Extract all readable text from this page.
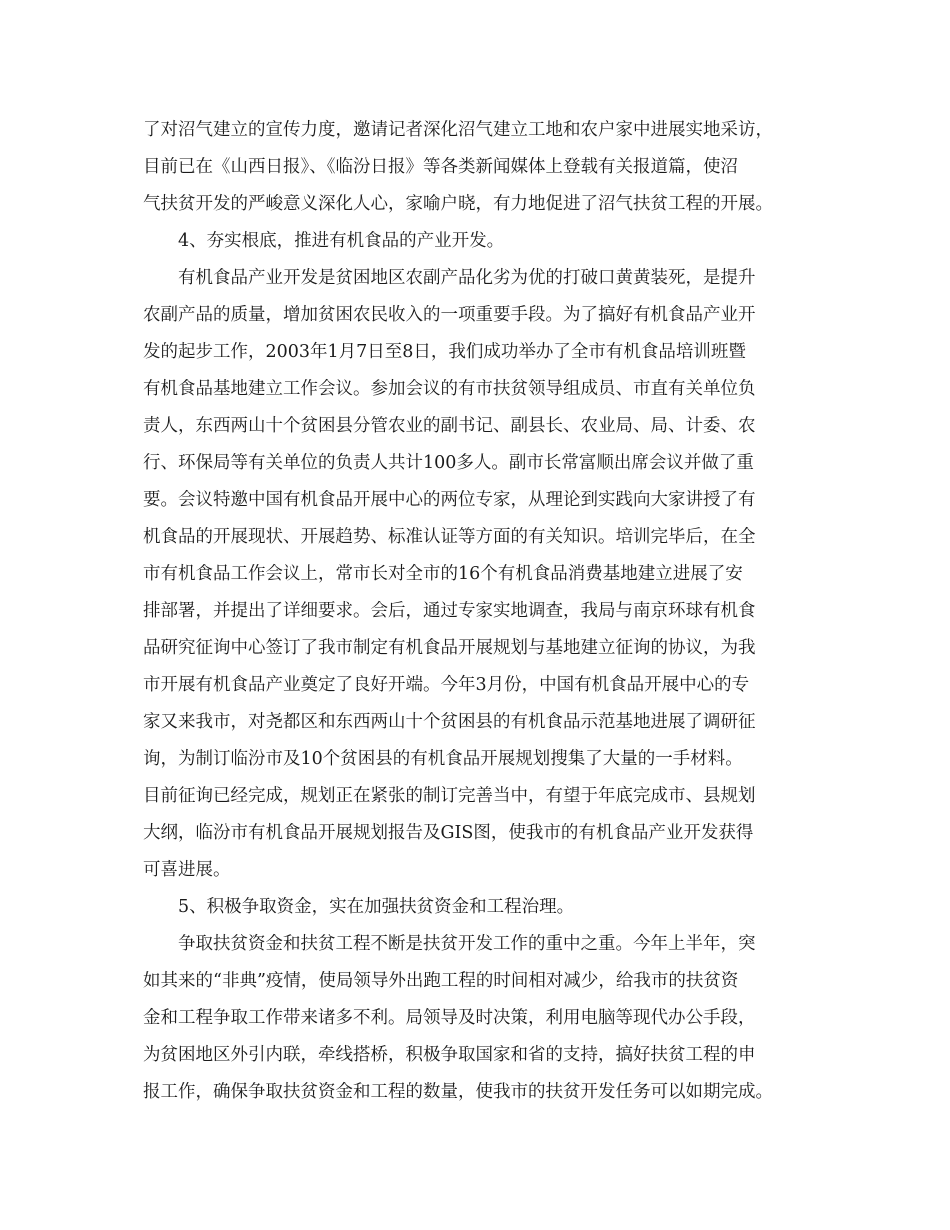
了对沼气建立的宣传力度，邀请记者深化沼气建立工地和农户家中进展实地采访，
目前已在《山西日报》、《临汾日报》等各类新闻媒体上登载有关报道篇，使沼
气扶贫开发的严峻意义深化人心，家喻户晓，有力地促进了沼气扶贫工程的开展。
　　4、夯实根底，推进有机食品的产业开发。
　　有机食品产业开发是贫困地区农副产品化劣为优的打破口黄黄装死，是提升
农副产品的质量，增加贫困农民收入的一项重要手段。为了搞好有机食品产业开
发的起步工作，2003年1月7日至8日，我们成功举办了全市有机食品培训班暨
有机食品基地建立工作会议。参加会议的有市扶贫领导组成员、市直有关单位负
责人，东西两山十个贫困县分管农业的副书记、副县长、农业局、局、计委、农
行、环保局等有关单位的负责人共计100多人。副市长常富顺出席会议并做了重
要。会议特邀中国有机食品开展中心的两位专家，从理论到实践向大家讲授了有
机食品的开展现状、开展趋势、标准认证等方面的有关知识。培训完毕后，在全
市有机食品工作会议上，常市长对全市的16个有机食品消费基地建立进展了安
排部署，并提出了详细要求。会后，通过专家实地调查，我局与南京环球有机食
品研究征询中心签订了我市制定有机食品开展规划与基地建立征询的协议，为我
市开展有机食品产业奠定了良好开端。今年3月份，中国有机食品开展中心的专
家又来我市，对尧都区和东西两山十个贫困县的有机食品示范基地进展了调研征
询，为制订临汾市及10个贫困县的有机食品开展规划搜集了大量的一手材料。
目前征询已经完成，规划正在紧张的制订完善当中，有望于年底完成市、县规划
大纲，临汾市有机食品开展规划报告及GIS图，使我市的有机食品产业开发获得
可喜进展。
　　5、积极争取资金，实在加强扶贫资金和工程治理。
　　争取扶贫资金和扶贫工程不断是扶贫开发工作的重中之重。今年上半年，突
如其来的“非典”疫情，使局领导外出跑工程的时间相对减少，给我市的扶贫资
金和工程争取工作带来诸多不利。局领导及时决策，利用电脑等现代办公手段，
为贫困地区外引内联，牵线搭桥，积极争取国家和省的支持，搞好扶贫工程的申
报工作，确保争取扶贫资金和工程的数量，使我市的扶贫开发任务可以如期完成。
